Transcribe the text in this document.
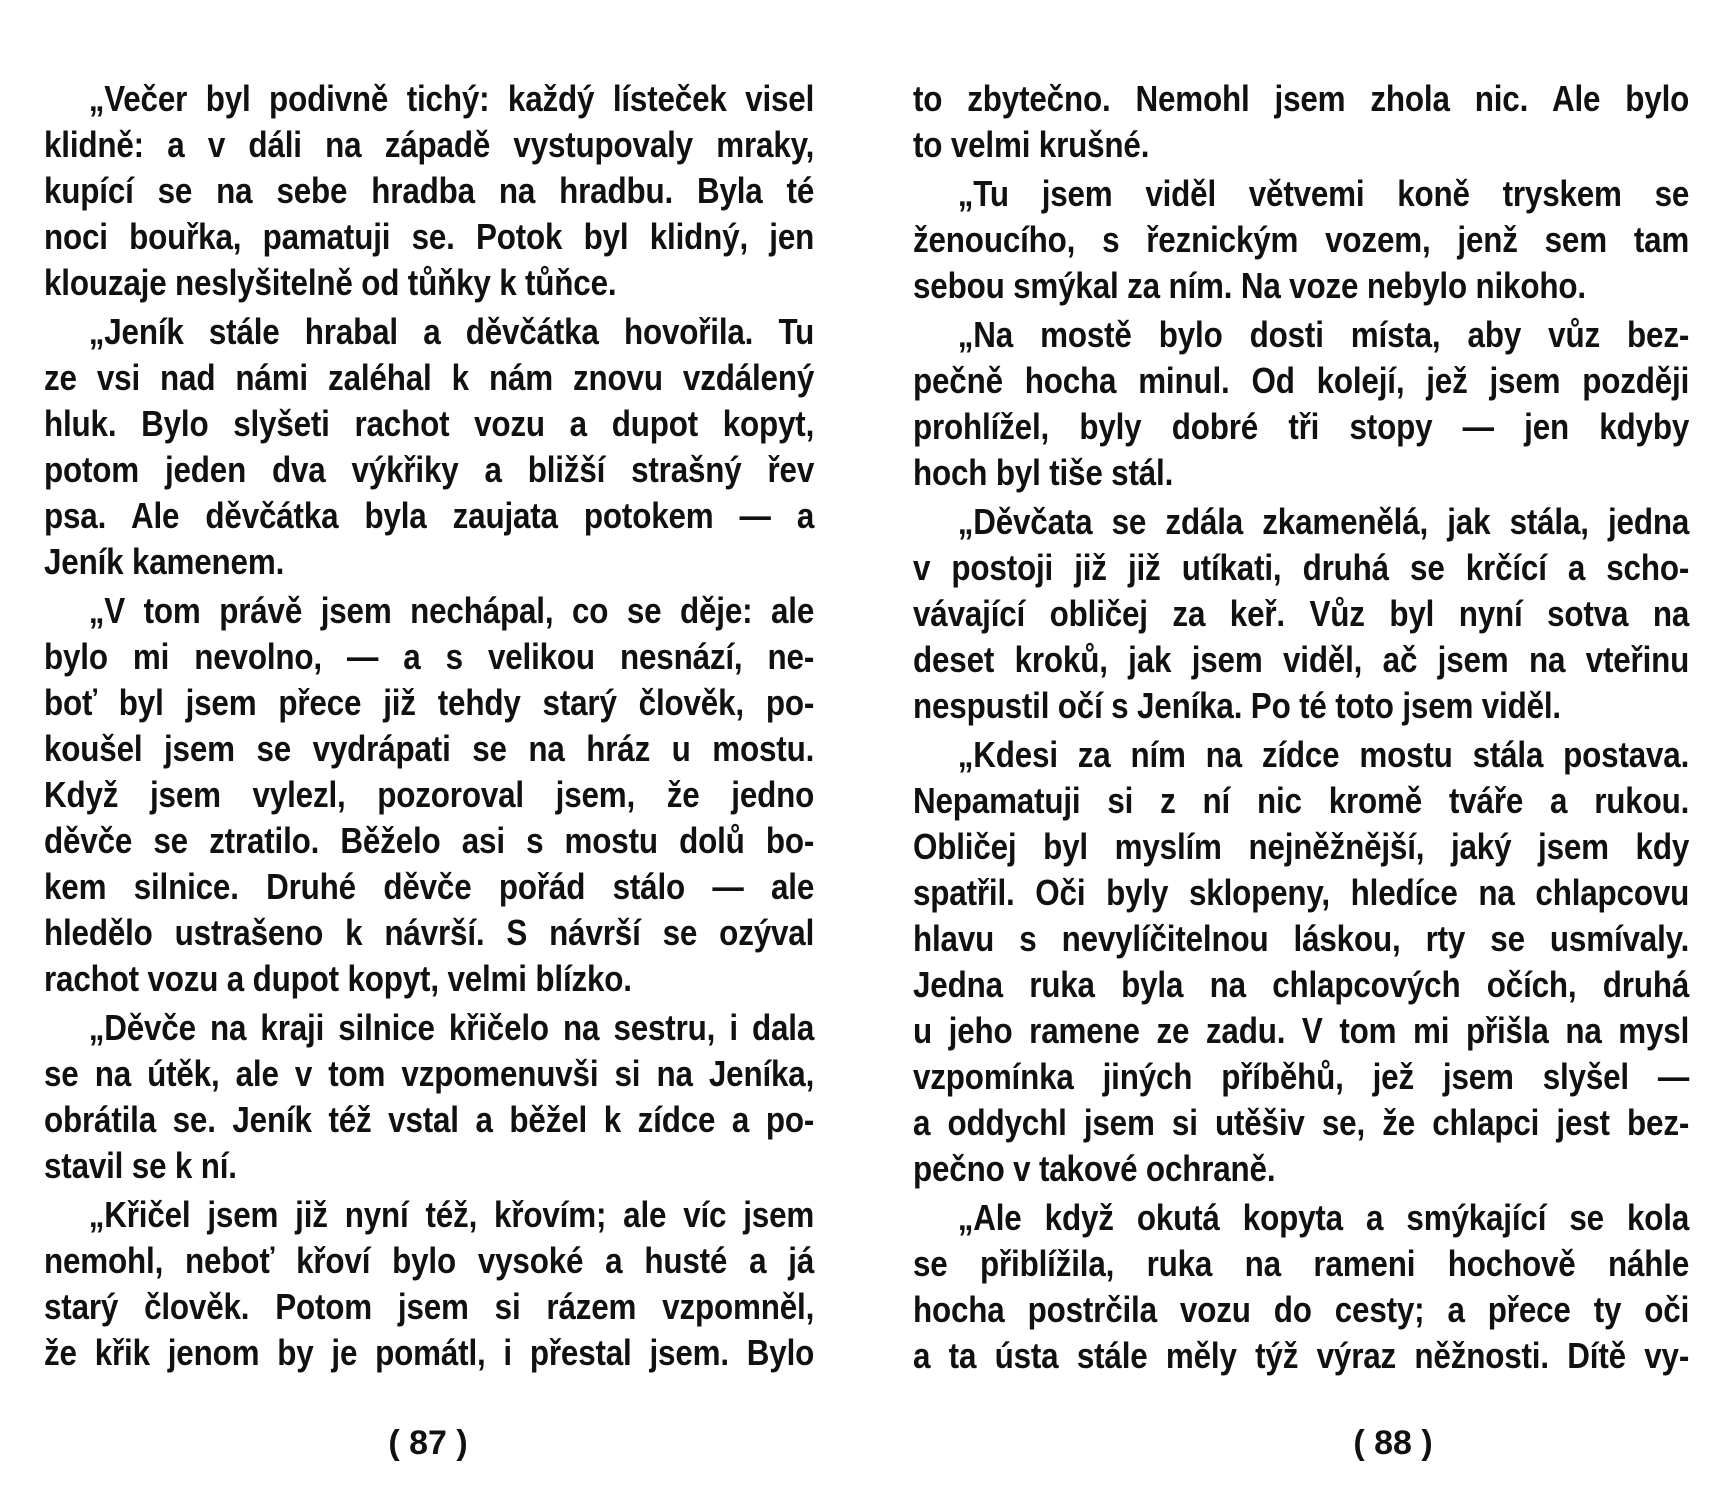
„Večer byl podivně tichý: každý lísteček visel
klidně: a v dáli na západě vystupovaly mraky,
kupící se na sebe hradba na hradbu. Byla té
noci bouřka, pamatuji se. Potok byl klidný, jen
klouzaje neslyšitelně od tůňky k tůňce.

„Jeník stále hrabal a děvčátka hovořila. Tu
ze vsi nad námi zaléhal k nám znovu vzdálený
hluk. Bylo slyšeti rachot vozu a dupot kopyt,
potom jeden dva výkřiky a bližší strašný řev
psa. Ale děvčátka byla zaujata potokem — a
Jeník kamenem.

„V tom právě jsem nechápal, co se děje: ale
bylo mi nevolno, — a s velikou nesnází, ne-
boť byl jsem přece již tehdy starý člověk, po-
koušel jsem se vydrápati se na hráz u mostu.
Když jsem vylezl, pozoroval jsem, že jedno
děvče se ztratilo. Běželo asi s mostu dolů bo-
kem silnice. Druhé děvče pořád stálo — ale
hledělo ustrašeno k návrší. S návrší se ozýval
rachot vozu a dupot kopyt, velmi blízko.

„Děvče na kraji silnice křičelo na sestru, i dala
se na útěk, ale v tom vzpomenuvši si na Jeníka,
obrátila se. Jeník též vstal a běžel k zídce a po-
stavil se k ní.

„Křičel jsem již nyní též, křovím; ale víc jsem
nemohl, neboť křoví bylo vysoké a husté a já
starý člověk. Potom jsem si rázem vzpomněl,
že křik jenom by je pomátl, i přestal jsem. Bylo

( 87 )

to zbytečno. Nemohl jsem zhola nic. Ale bylo
to velmi krušné.

„Tu jsem viděl větvemi koně tryskem se
ženoucího, s řeznickým vozem, jenž sem tam
sebou smýkal za ním. Na voze nebylo nikoho.

„Na mostě bylo dosti místa, aby vůz bez-
pečně hocha minul. Od kolejí, jež jsem později
prohlížel, byly dobré tři stopy — jen kdyby
hoch byl tiše stál.

„Děvčata se zdála zkamenělá, jak stála, jedna
v postoji již již utíkati, druhá se krčící a scho-
vávající obličej za keř. Vůz byl nyní sotva na
deset kroků, jak jsem viděl, ač jsem na vteřinu
nespustil očí s Jeníka. Po té toto jsem viděl.

„Kdesi za ním na zídce mostu stála postava.
Nepamatuji si z ní nic kromě tváře a rukou.
Obličej byl myslím nejněžnější, jaký jsem kdy
spatřil. Oči byly sklopeny, hledíce na chlapcovu
hlavu s nevylíčitelnou láskou, rty se usmívaly.
Jedna ruka byla na chlapcových očích, druhá
u jeho ramene ze zadu. V tom mi přišla na mysl
vzpomínka jiných příběhů, jež jsem slyšel —
a oddychl jsem si utěšiv se, že chlapci jest bez-
pečno v takové ochraně.

„Ale když okutá kopyta a smýkající se kola
se přiblížila, ruka na rameni hochově náhle
hocha postrčila vozu do cesty; a přece ty oči
a ta ústa stále měly týž výraz něžnosti. Dítě vy-

( 88 )
